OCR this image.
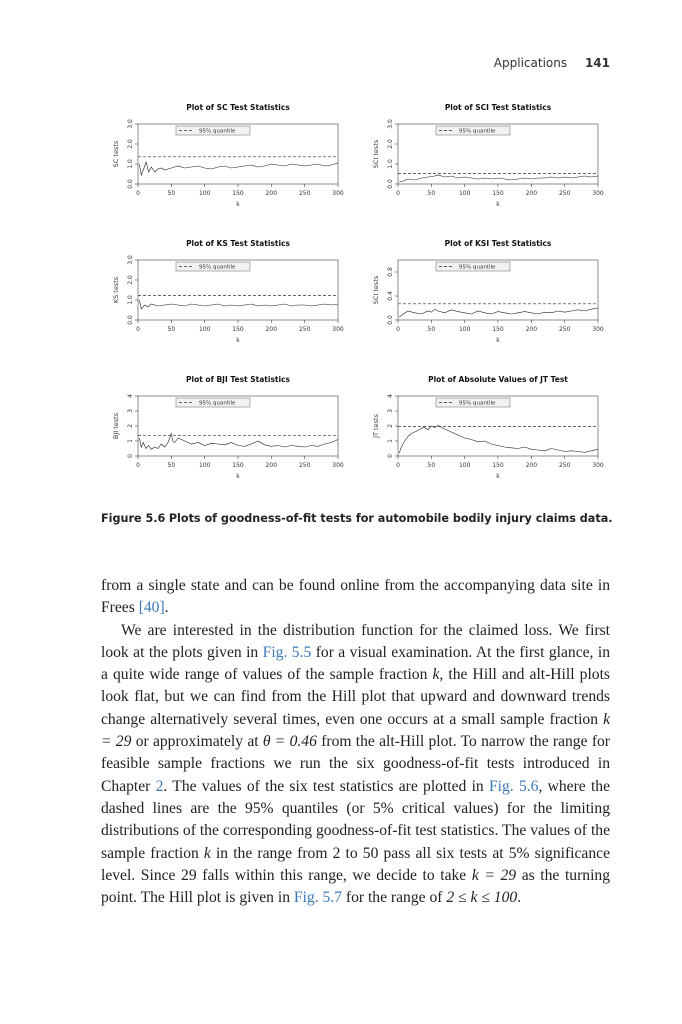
Applications 141
Plot of SC Test Statistics
0.0
1.0
2.0
3.0
0	50	100	150	200	250	300
k
SC tests
95% quantile
Plot of SCI Test Statistics
0.0
1.0
2.0
3.0
0	50	100	150	200	250	300
k
SCI tests
95% quantile
Plot of KS Test Statistics
0.0
1.0
2.0
3.0
0	50	100	150	200	250	300
k
KS tests
95% quantile
Plot of KSI Test Statistics
0.0
0.4
0.8
0	50	100	150	200	250	300
k
SCI tests
95% quantile
Plot of BJI Test Statistics
0
1
2
3
4
0	50	100	150	200	250	300
k
BJI tests
95% quantile
Plot of Absolute Values of JT Test
0
1
2
3
4
0	50	100	150	200	250	300
k
JT tests
95% quantile
Figure 5.6 Plots of goodness-of-fit tests for automobile bodily injury claims data.

from a single state and can be found online from the accompanying data site in Frees [40].

We are interested in the distribution function for the claimed loss. We first look at the plots given in Fig. 5.5 for a visual examination. At the first glance, in a quite wide range of values of the sample fraction k, the Hill and alt-Hill plots look flat, but we can find from the Hill plot that upward and downward trends change alternatively several times, even one occurs at a small sample fraction k = 29 or approximately at θ = 0.46 from the alt-Hill plot. To narrow the range for feasible sample fractions we run the six goodness-of-fit tests introduced in Chapter 2. The values of the six test statistics are plotted in Fig. 5.6, where the dashed lines are the 95% quantiles (or 5% critical values) for the limiting distributions of the corresponding goodness-of-fit test statistics. The values of the sample fraction k in the range from 2 to 50 pass all six tests at 5% significance level. Since 29 falls within this range, we decide to take k = 29 as the turning point. The Hill plot is given in Fig. 5.7 for the range of 2 ≤ k ≤ 100.
